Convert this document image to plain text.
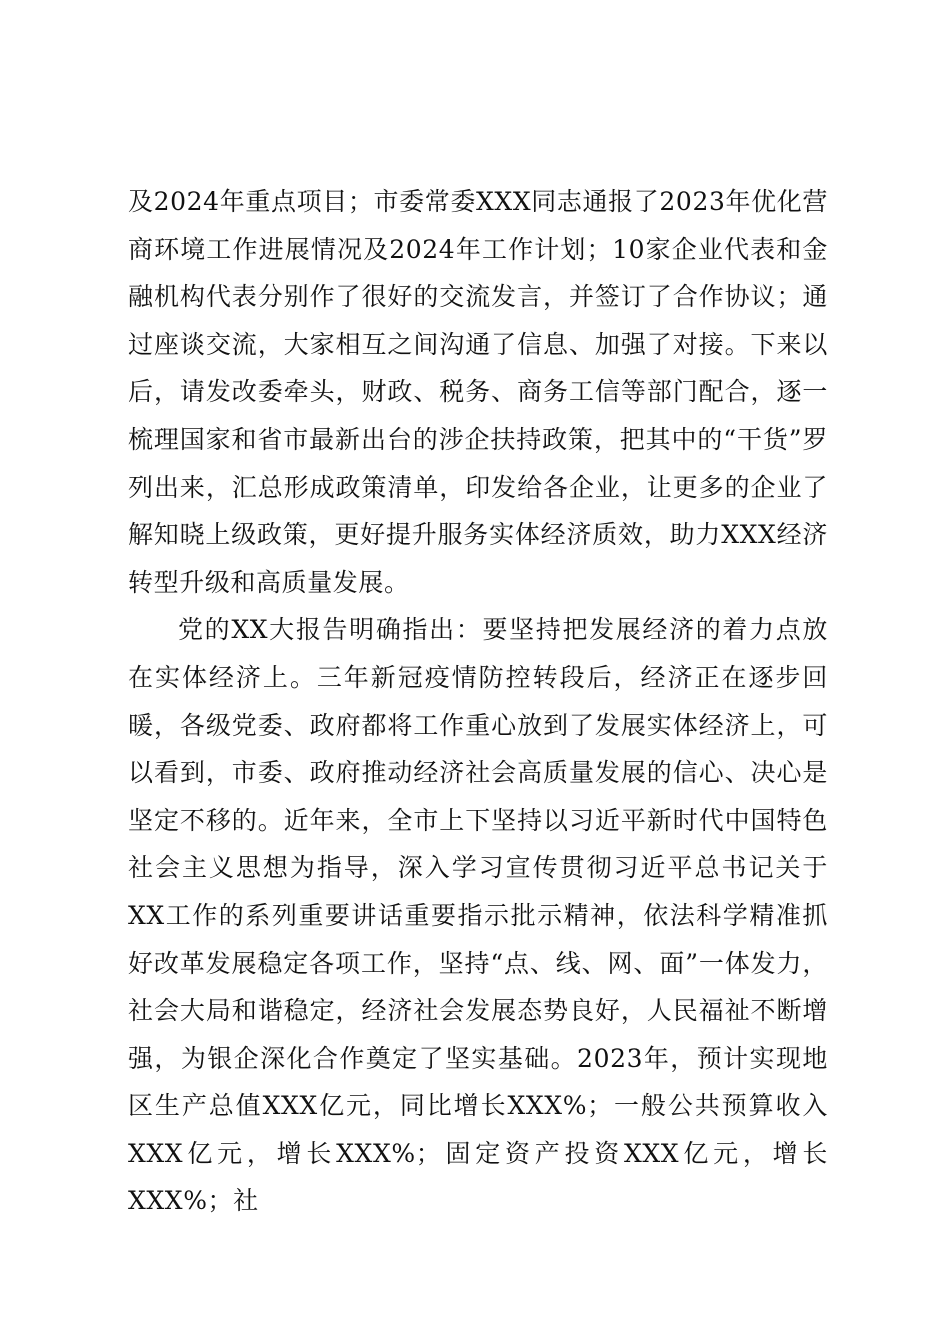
及2024年重点项目；市委常委XXX同志通报了2023年优化营商环境工作进展情况及2024年工作计划；10家企业代表和金融机构代表分别作了很好的交流发言，并签订了合作协议；通过座谈交流，大家相互之间沟通了信息、加强了对接。下来以后，请发改委牵头，财政、税务、商务工信等部门配合，逐一梳理国家和省市最新出台的涉企扶持政策，把其中的“干货”罗列出来，汇总形成政策清单，印发给各企业，让更多的企业了解知晓上级政策，更好提升服务实体经济质效，助力XXX经济转型升级和高质量发展。

党的XX大报告明确指出：要坚持把发展经济的着力点放在实体经济上。三年新冠疫情防控转段后，经济正在逐步回暖，各级党委、政府都将工作重心放到了发展实体经济上，可以看到，市委、政府推动经济社会高质量发展的信心、决心是坚定不移的。近年来，全市上下坚持以习近平新时代中国特色社会主义思想为指导，深入学习宣传贯彻习近平总书记关于XX工作的系列重要讲话重要指示批示精神，依法科学精准抓好改革发展稳定各项工作，坚持“点、线、网、面”一体发力，社会大局和谐稳定，经济社会发展态势良好，人民福祉不断增强，为银企深化合作奠定了坚实基础。2023年，预计实现地区生产总值XXX亿元，同比增长XXX%；一般公共预算收入XXX亿元，增长XXX%；固定资产投资XXX亿元，增长XXX%；社
